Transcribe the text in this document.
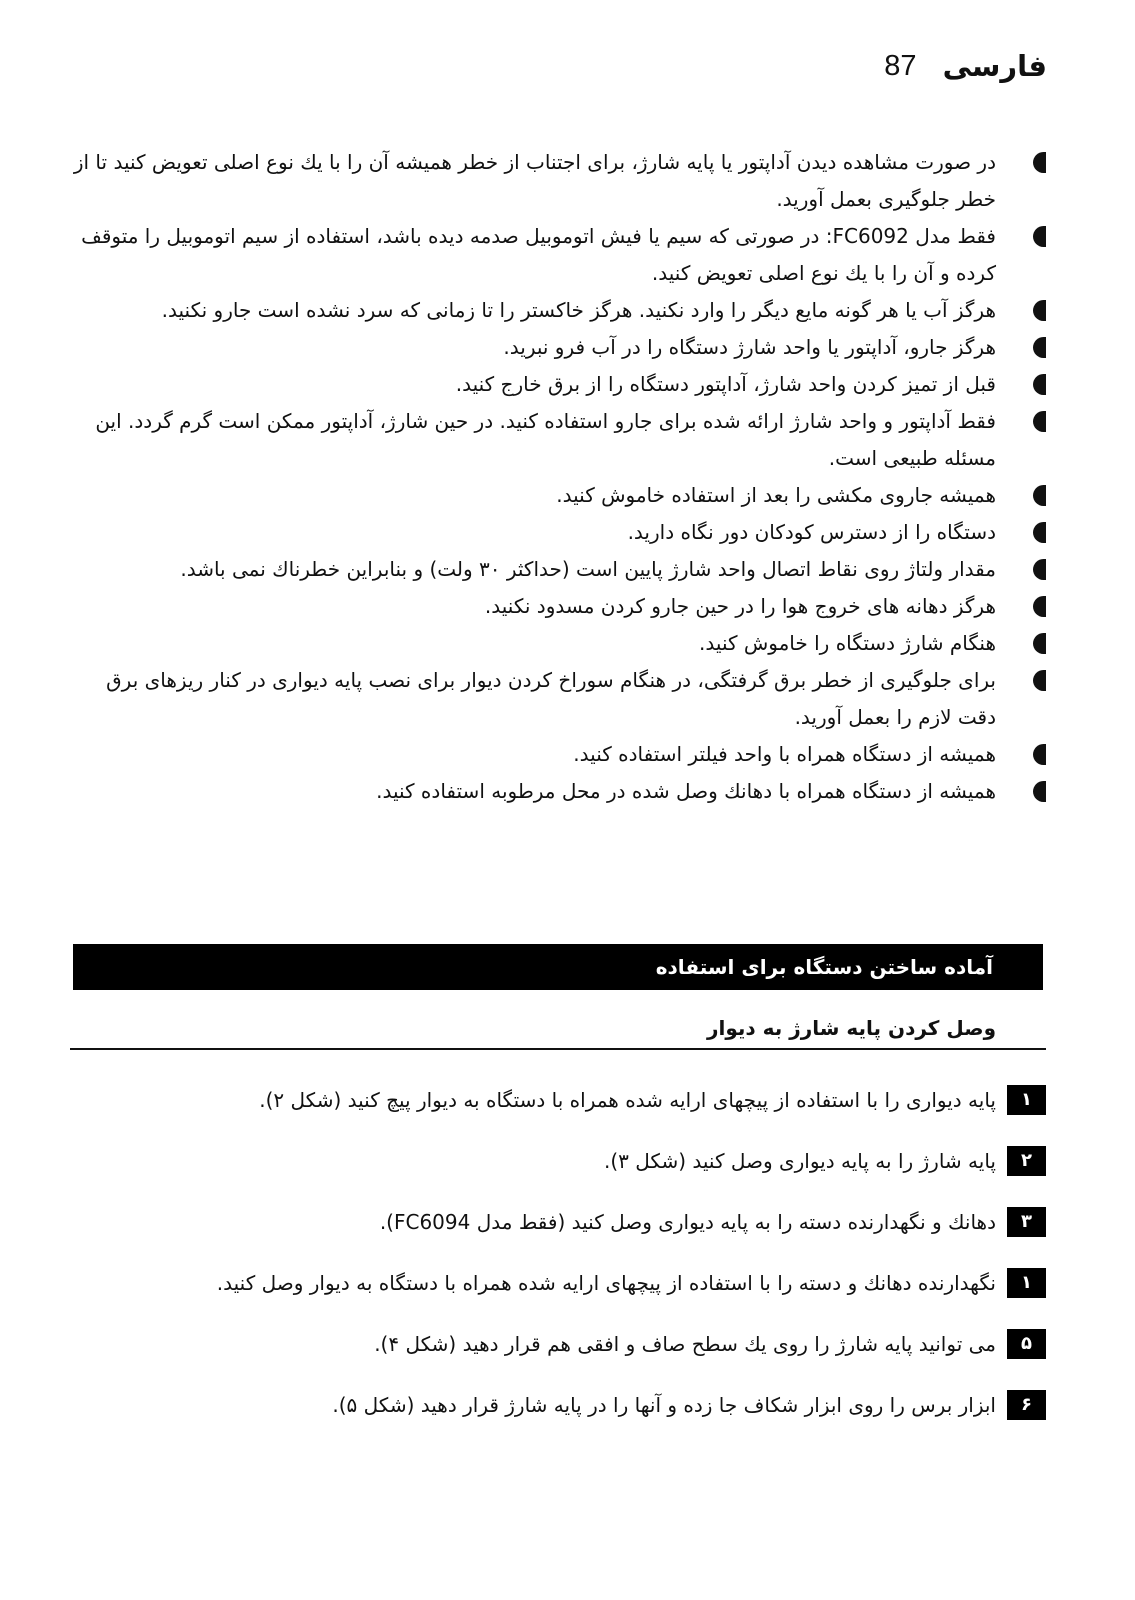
87 فارسی
در صورت مشاهده دیدن آداپتور یا پایه شارژ، برای اجتناب از خطر همیشه آن را با یك نوع اصلی تعویض کنید تا از خطر جلوگیری بعمل آورید.
فقط مدل FC6092: در صورتی که سیم یا فیش اتوموبیل صدمه دیده باشد، استفاده از سیم اتوموبیل را متوقف کرده و آن را با یك نوع اصلی تعویض کنید.
هرگز آب یا هر گونه مایع دیگر را وارد نکنید. هرگز خاکستر را تا زمانی که سرد نشده است جارو نکنید.
هرگز جارو، آداپتور یا واحد شارژ دستگاه را در آب فرو نبرید.
قبل از تمیز کردن واحد شارژ، آداپتور دستگاه را از برق خارج کنید.
فقط آداپتور و واحد شارژ ارائه شده برای جارو استفاده کنید. در حین شارژ، آداپتور ممکن است گرم گردد. این مسئله طبیعی است.
همیشه جاروی مکشی را بعد از استفاده خاموش کنید.
دستگاه را از دسترس کودکان دور نگاه دارید.
مقدار ولتاژ روی نقاط اتصال واحد شارژ پایین است (حداکثر ۳۰ ولت) و بنابراین خطرناك نمی باشد.
هرگز دهانه های خروج هوا را در حین جارو کردن مسدود نکنید.
هنگام شارژ دستگاه را خاموش کنید.
برای جلوگیری از خطر برق گرفتگی، در هنگام سوراخ کردن دیوار برای نصب پایه دیواری در کنار ریزهای برق دقت لازم را بعمل آورید.
همیشه از دستگاه همراه با واحد فیلتر استفاده کنید.
همیشه از دستگاه همراه با دهانك وصل شده در محل مرطوبه استفاده کنید.
آماده ساختن دستگاه برای استفاده
وصل کردن پایه شارژ به دیوار
۱
پایه دیواری را با استفاده از پیچهای ارایه شده همراه با دستگاه به دیوار پیچ کنید (شکل ۲).
۲
پایه شارژ را به پایه دیواری وصل کنید (شکل ۳).
۳
دهانك و نگهدارنده دسته را به پایه دیواری وصل کنید (فقط مدل FC6094).
۱
نگهدارنده دهانك و دسته را با استفاده از پیچهای ارایه شده همراه با دستگاه به دیوار وصل کنید.
۵
می توانید پایه شارژ را روی یك سطح صاف و افقی هم قرار دهید (شکل ۴).
۶
ابزار برس را روی ابزار شکاف جا زده و آنها را در پایه شارژ قرار دهید (شکل ۵).
